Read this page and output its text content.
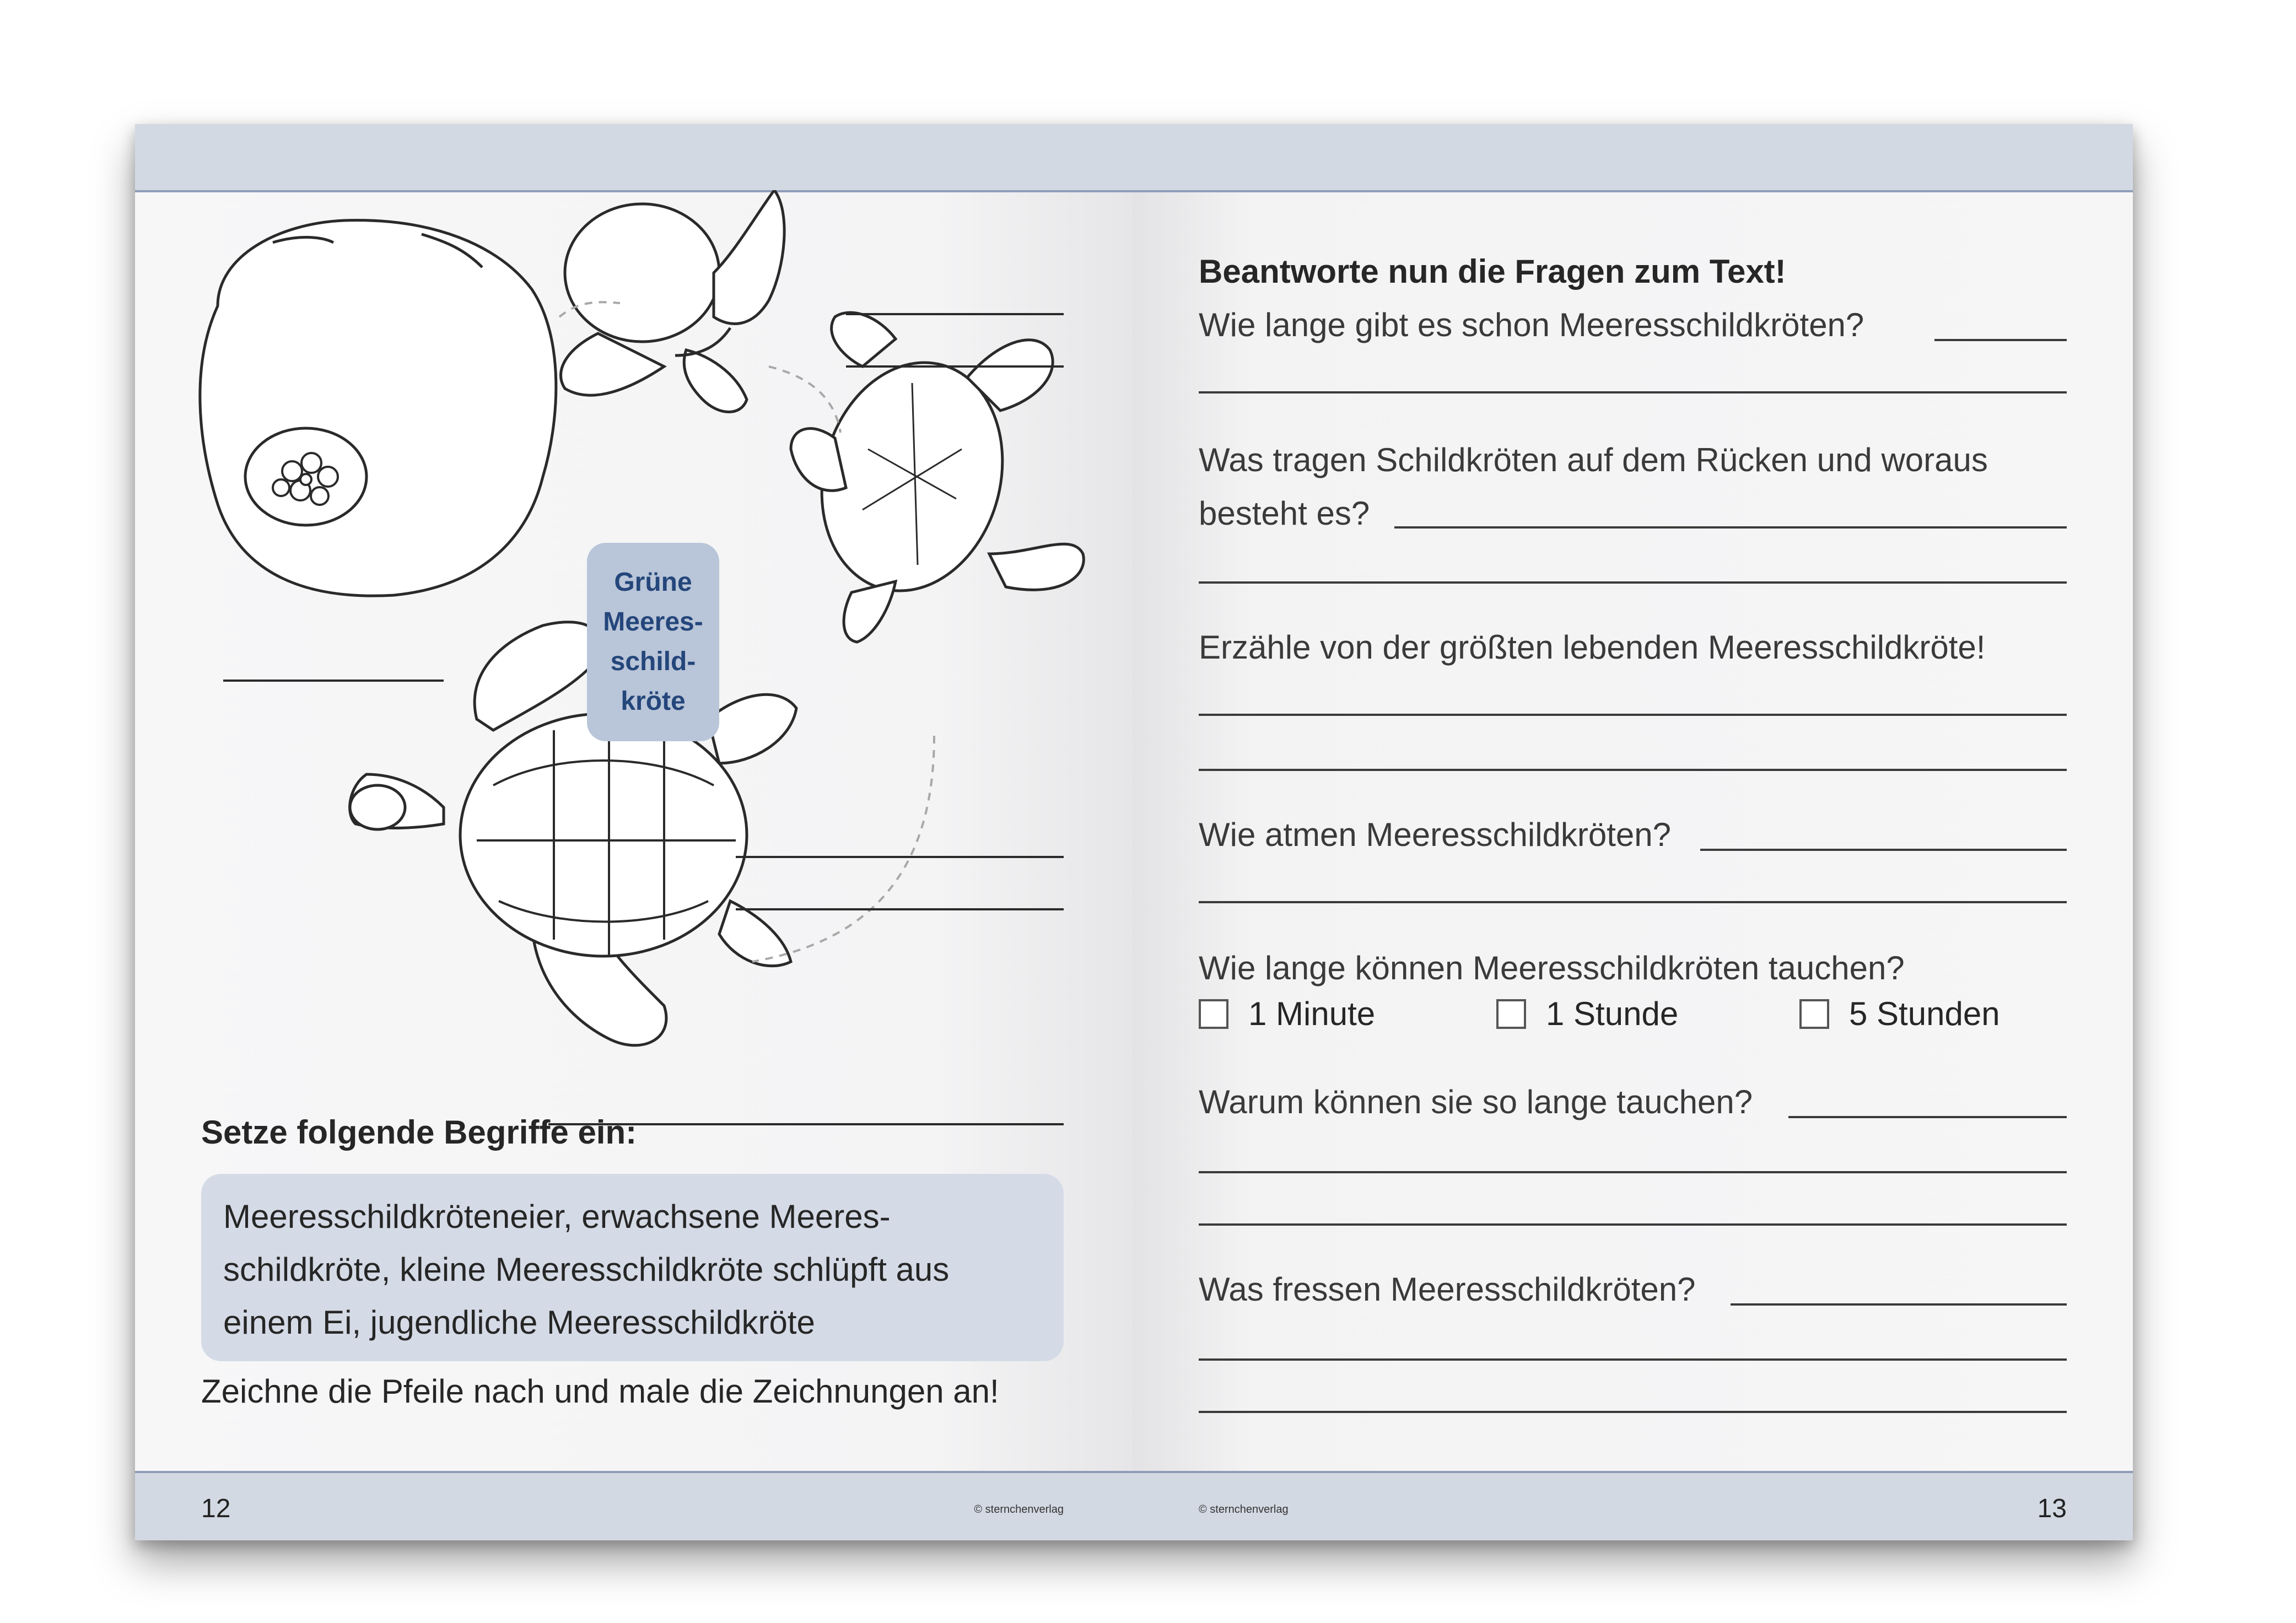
Grüne
Meeres-
schild-
kröte
Setze folgende Begriffe ein:
Meeresschildkröteneier, erwachsene Meeres-
schildkröte, kleine Meeresschildkröte schlüpft aus
einem Ei, jugendliche Meeresschildkröte

Zeichne die Pfeile nach und male die Zeichnungen an!

12	© sternchenverlag
Beantworte nun die Fragen zum Text!
Wie lange gibt es schon Meeresschildkröten?
Was tragen Schildkröten auf dem Rücken und woraus
besteht es?
Erzähle von der größten lebenden Meeresschildkröte!
Wie atmen Meeresschildkröten?
Wie lange können Meeresschildkröten tauchen?
1 Minute	1 Stunde	5 Stunden
Warum können sie so lange tauchen?
Was fressen Meeresschildkröten?
© sternchenverlag	13
